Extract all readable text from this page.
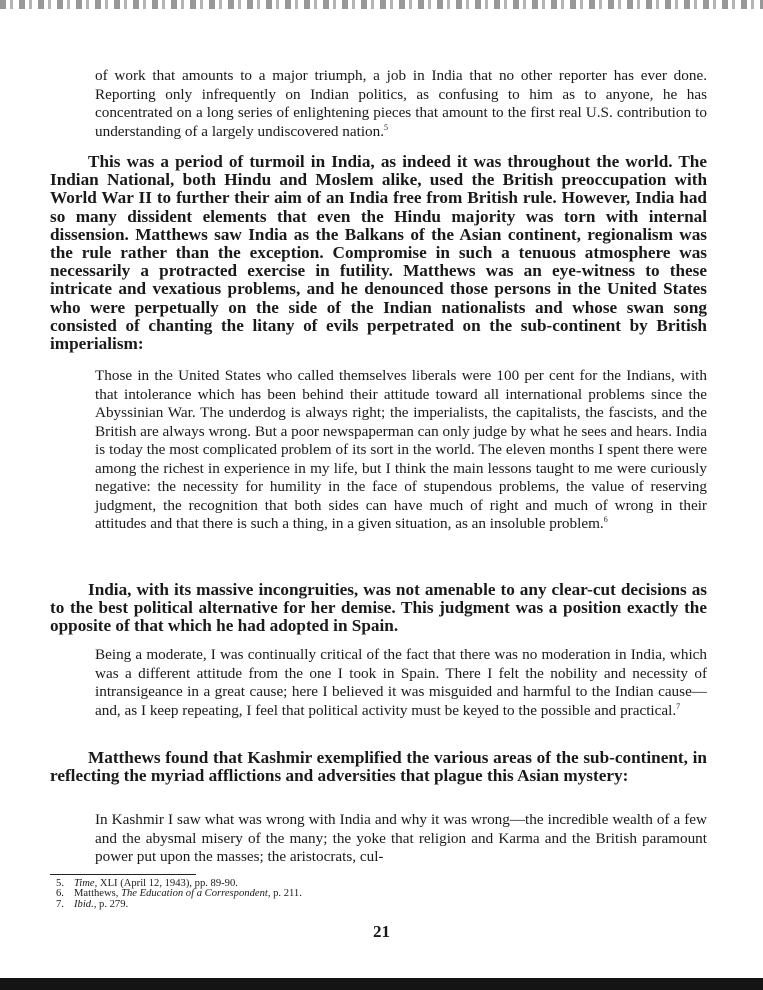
of work that amounts to a major triumph, a job in India that no other reporter has ever done. Reporting only infrequently on Indian politics, as confusing to him as to anyone, he has concentrated on a long series of enlightening pieces that amount to the first real U.S. contribution to understanding of a largely undiscovered nation.$^5$

This was a period of turmoil in India, as indeed it was throughout the world. The Indian National, both Hindu and Moslem alike, used the British preoccupation with World War II to further their aim of an India free from British rule. However, India had so many dissident elements that even the Hindu majority was torn with internal dissension. Matthews saw India as the Balkans of the Asian continent, regionalism was the rule rather than the exception. Compromise in such a tenuous atmosphere was necessarily a protracted exercise in futility. Matthews was an eye-witness to these intricate and vexatious problems, and he denounced those persons in the United States who were perpetually on the side of the Indian nationalists and whose swan song consisted of chanting the litany of evils perpetrated on the sub-continent by British imperialism:

Those in the United States who called themselves liberals were 100 per cent for the Indians, with that intolerance which has been behind their attitude toward all international problems since the Abyssinian War. The underdog is always right; the imperialists, the capitalists, the fascists, and the British are always wrong. But a poor newspaperman can only judge by what he sees and hears. India is today the most complicated problem of its sort in the world. The eleven months I spent there were among the richest in experience in my life, but I think the main lessons taught to me were curiously negative: the necessity for humility in the face of stupendous problems, the value of reserving judgment, the recognition that both sides can have much of right and much of wrong in their attitudes and that there is such a thing, in a given situation, as an insoluble problem.$^6$

India, with its massive incongruities, was not amenable to any clear-cut decisions as to the best political alternative for her demise. This judgment was a position exactly the opposite of that which he had adopted in Spain.

Being a moderate, I was continually critical of the fact that there was no moderation in India, which was a different attitude from the one I took in Spain. There I felt the nobility and necessity of intransigeance in a great cause; here I believed it was misguided and harmful to the Indian cause—and, as I keep repeating, I feel that political activity must be keyed to the possible and practical.$^7$

Matthews found that Kashmir exemplified the various areas of the sub-continent, in reflecting the myriad afflictions and adversities that plague this Asian mystery:

In Kashmir I saw what was wrong with India and why it was wrong—the incredible wealth of a few and the abysmal misery of the many; the yoke that religion and Karma and the British paramount power put upon the masses; the aristocrats, cul-

5. Time, XLI (April 12, 1943), pp. 89-90.
6. Matthews, The Education of a Correspondent, p. 211.
7. Ibid., p. 279.
21
